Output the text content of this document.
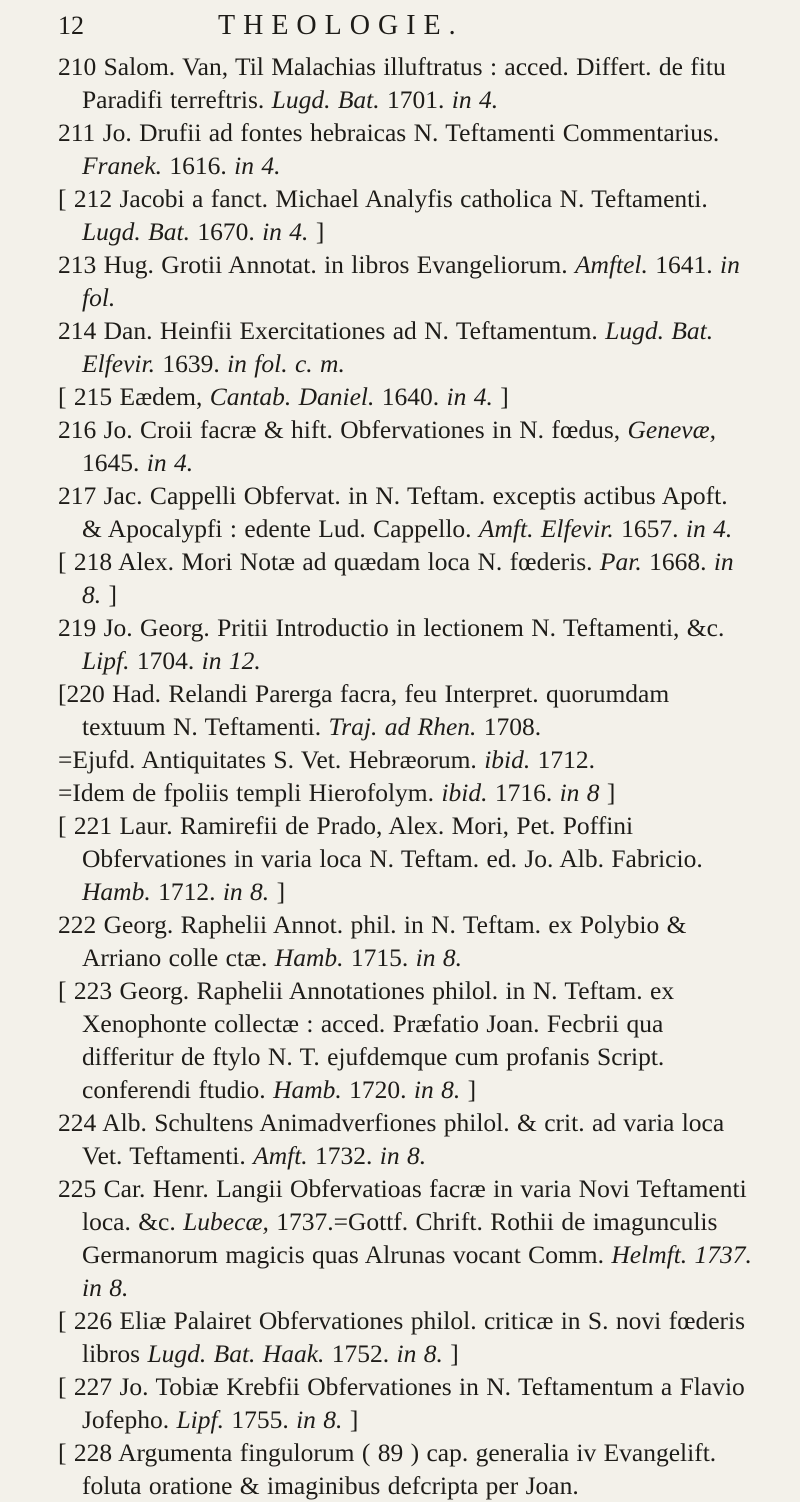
12	THEOLOGIE.
210 Salom. Van, Til Malachias illuftratus : acced. Differt. de fitu Paradifi terreftris. Lugd. Bat. 1701. in 4.
211 Jo. Drufii ad fontes hebraicas N. Teftamenti Commentarius. Franek. 1616. in 4.
[ 212 Jacobi a fanct. Michael Analyfis catholica N. Teftamenti. Lugd. Bat. 1670. in 4. ]
213 Hug. Grotii Annotat. in libros Evangeliorum. Amftel. 1641. in fol.
214 Dan. Heinfii Exercitationes ad N. Teftamentum. Lugd. Bat. Elfevir. 1639. in fol. c. m.
[ 215 Eædem, Cantab. Daniel. 1640. in 4. ]
216 Jo. Croii facræ & hift. Obfervationes in N. fœdus, Genevæ, 1645. in 4.
217 Jac. Cappelli Obfervat. in N. Teftam. exceptis actibus Apoft. & Apocalypfi : edente Lud. Cappello. Amft. Elfevir. 1657. in 4.
[ 218 Alex. Mori Notæ ad quædam loca N. fœderis. Par. 1668. in 8. ]
219 Jo. Georg. Pritii Introductio in lectionem N. Teftamenti, &c. Lipf. 1704. in 12.
[220 Had. Relandi Parerga facra, feu Interpret. quorumdam textuum N. Teftamenti. Traj. ad Rhen. 1708.
=Ejufd. Antiquitates S. Vet. Hebræorum. ibid. 1712.
=Idem de fpoliis templi Hierofolym. ibid. 1716. in 8 ]
[ 221 Laur. Ramirefii de Prado, Alex. Mori, Pet. Poffini Obfervationes in varia loca N. Teftam. ed. Jo. Alb. Fabricio. Hamb. 1712. in 8. ]
222 Georg. Raphelii Annot. phil. in N. Teftam. ex Polybio & Arriano colle ctæ. Hamb. 1715. in 8.
[ 223 Georg. Raphelii Annotationes philol. in N. Teftam. ex Xenophonte collectæ : acced. Præfatio Joan. Fecbrii qua differitur de ftylo N. T. ejufdemque cum profanis Script. conferendi ftudio. Hamb. 1720. in 8. ]
224 Alb. Schultens Animadverfiones philol. & crit. ad varia loca Vet. Teftamenti. Amft. 1732. in 8.
225 Car. Henr. Langii Obfervatioas facræ in varia Novi Teftamenti loca. &c. Lubecæ, 1737.=Gottf. Chrift. Rothii de imagunculis Germanorum magicis quas Alrunas vocant Comm. Helmft. 1737. in 8.
[ 226 Eliæ Palairet Obfervationes philol. criticæ in S. novi fœderis libros Lugd. Bat. Haak. 1752. in 8. ]
[ 227 Jo. Tobiæ Krebfii Obfervationes in N. Teftamentum a Flavio Jofepho. Lipf. 1755. in 8. ]
[ 228 Argumenta fingulorum ( 89 ) cap. generalia iv Evangelift. foluta oratione & imaginibus defcripta per Joan.
